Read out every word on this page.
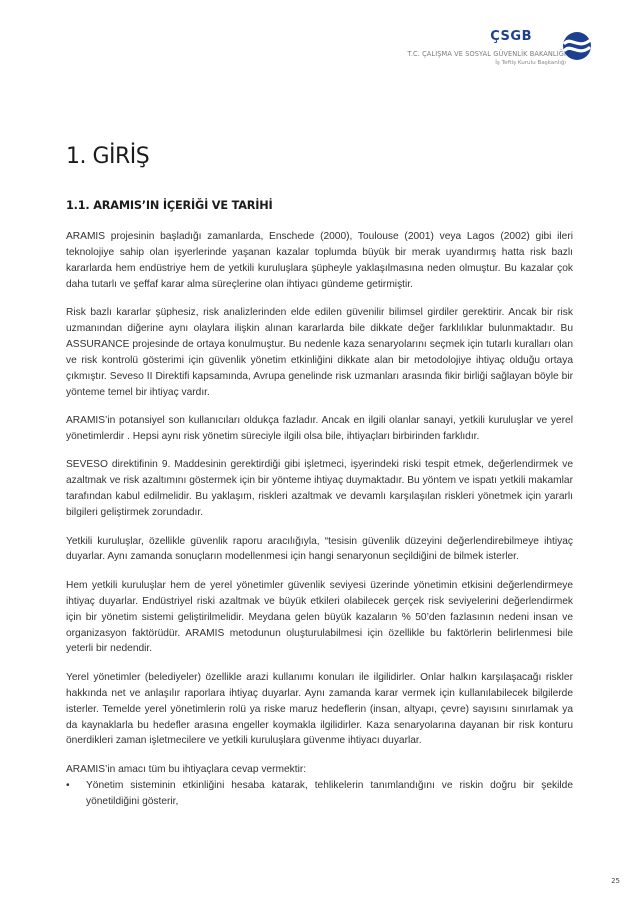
ÇSGB
T.C. ÇALIŞMA VE SOSYAL GÜVENLİK BAKANLIĞI
İş Teftiş Kurulu Başkanlığı
1. GİRİŞ
1.1. ARAMIS’IN İÇERİĞİ VE TARİHİ

ARAMIS projesinin başladığı zamanlarda, Enschede (2000), Toulouse (2001) veya Lagos (2002) gibi ileri teknolojiye sahip olan işyerlerinde yaşanan kazalar toplumda büyük bir merak uyandırmış hatta risk bazlı kararlarda hem endüstriye hem de yetkili kuruluşlara şüpheyle yaklaşılmasına neden olmuştur. Bu kazalar çok daha tutarlı ve şeffaf karar alma süreçlerine olan ihtiyacı gündeme getirmiştir.

Risk bazlı kararlar şüphesiz, risk analizlerinden elde edilen güvenilir bilimsel girdiler gerektirir. Ancak bir risk uzmanından diğerine aynı olaylara ilişkin alınan kararlarda bile dikkate değer farklılıklar bulunmaktadır. Bu ASSURANCE projesinde de ortaya konulmuştur. Bu nedenle kaza senaryolarını seçmek için tutarlı kuralları olan ve risk kontrolü gösterimi için güvenlik yönetim etkinliğini dikkate alan bir metodolojiye ihtiyaç olduğu ortaya çıkmıştır. Seveso II Direktifi kapsamında, Avrupa genelinde risk uzmanları arasında fikir birliği sağlayan böyle bir yönteme temel bir ihtiyaç vardır.

ARAMIS’in potansiyel son kullanıcıları oldukça fazladır. Ancak en ilgili olanlar sanayi, yetkili kuruluşlar ve yerel yönetimlerdir . Hepsi aynı risk yönetim süreciyle ilgili olsa bile, ihtiyaçları birbirinden farklıdır.

SEVESO direktifinin 9. Maddesinin gerektirdiği gibi işletmeci, işyerindeki riski tespit etmek, değerlendirmek ve azaltmak ve risk azaltımını göstermek için bir yönteme ihtiyaç duymaktadır. Bu yöntem ve ispatı yetkili makamlar tarafından kabul edilmelidir. Bu yaklaşım, riskleri azaltmak ve devamlı karşılaşılan riskleri yönetmek için yararlı bilgileri geliştirmek zorundadır.

Yetkili kuruluşlar, özellikle güvenlik raporu aracılığıyla, “tesisin güvenlik düzeyini değerlendirebilmeye ihtiyaç duyarlar. Aynı zamanda sonuçların modellenmesi için hangi senaryonun seçildiğini de bilmek isterler.

Hem yetkili kuruluşlar hem de yerel yönetimler güvenlik seviyesi üzerinde yönetimin etkisini değerlendirmeye ihtiyaç duyarlar. Endüstriyel riski azaltmak ve büyük etkileri olabilecek gerçek risk seviyelerini değerlendirmek için bir yönetim sistemi geliştirilmelidir. Meydana gelen büyük kazaların % 50’den fazlasının nedeni insan ve organizasyon faktörüdür. ARAMIS metodunun oluşturulabilmesi için özellikle bu faktörlerin belirlenmesi bile yeterli bir nedendir.

Yerel yönetimler (belediyeler) özellikle arazi kullanımı konuları ile ilgilidirler. Onlar halkın karşılaşacağı riskler hakkında net ve anlaşılır raporlara ihtiyaç duyarlar. Aynı zamanda karar vermek için kullanılabilecek bilgilerde isterler. Temelde yerel yönetimlerin rolü ya riske maruz hedeflerin (insan, altyapı, çevre) sayısını sınırlamak ya da kaynaklarla bu hedefler arasına engeller koymakla ilgilidirler. Kaza senaryolarına dayanan bir risk konturu önerdikleri zaman işletmecilere ve yetkili kuruluşlara güvenme ihtiyacı duyarlar.

ARAMIS’in amacı tüm bu ihtiyaçlara cevap vermektir:

•	Yönetim sisteminin etkinliğini hesaba katarak, tehlikelerin tanımlandığını ve riskin doğru bir şekilde yönetildiğini gösterir,
25
